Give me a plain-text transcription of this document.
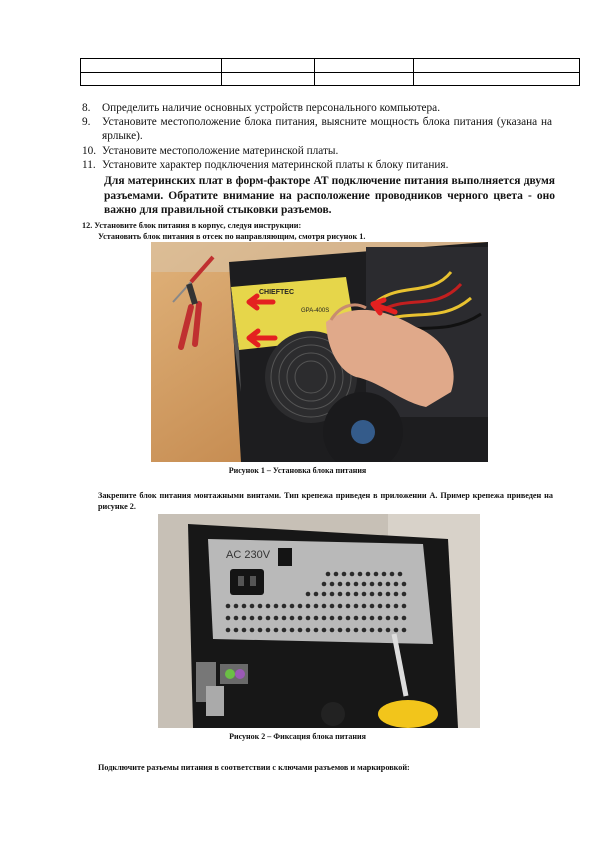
8.	Определить наличие основных устройств персонального компьютера.
9.	Установите местоположение блока питания, выясните мощность блока питания (указана на ярлыке).
10. Установите местоположение материнской платы.
11. Установите характер подключения материнской платы к блоку питания.
Для материнских плат в форм-факторе AT подключение питания выполняется двумя разъемами. Обратите внимание на расположение проводников черного цвета - оно важно для правильной стыковки разъемов.
12. Установите блок питания в корпус, следуя инструкции:
Установить блок питания в отсек по направляющим, смотря рисунок 1.
CHIEFTEC
GPA-400S
Рисунок 1 – Установка блока питания
Закрепите блок питания монтажными винтами. Тип крепежа приведен в приложении А. Пример крепежа приведен на рисунке 2.
AC 230V
Рисунок 2 – Фиксация блока питания
Подключите разъемы питания в соответствии с ключами разъемов и маркировкой:
